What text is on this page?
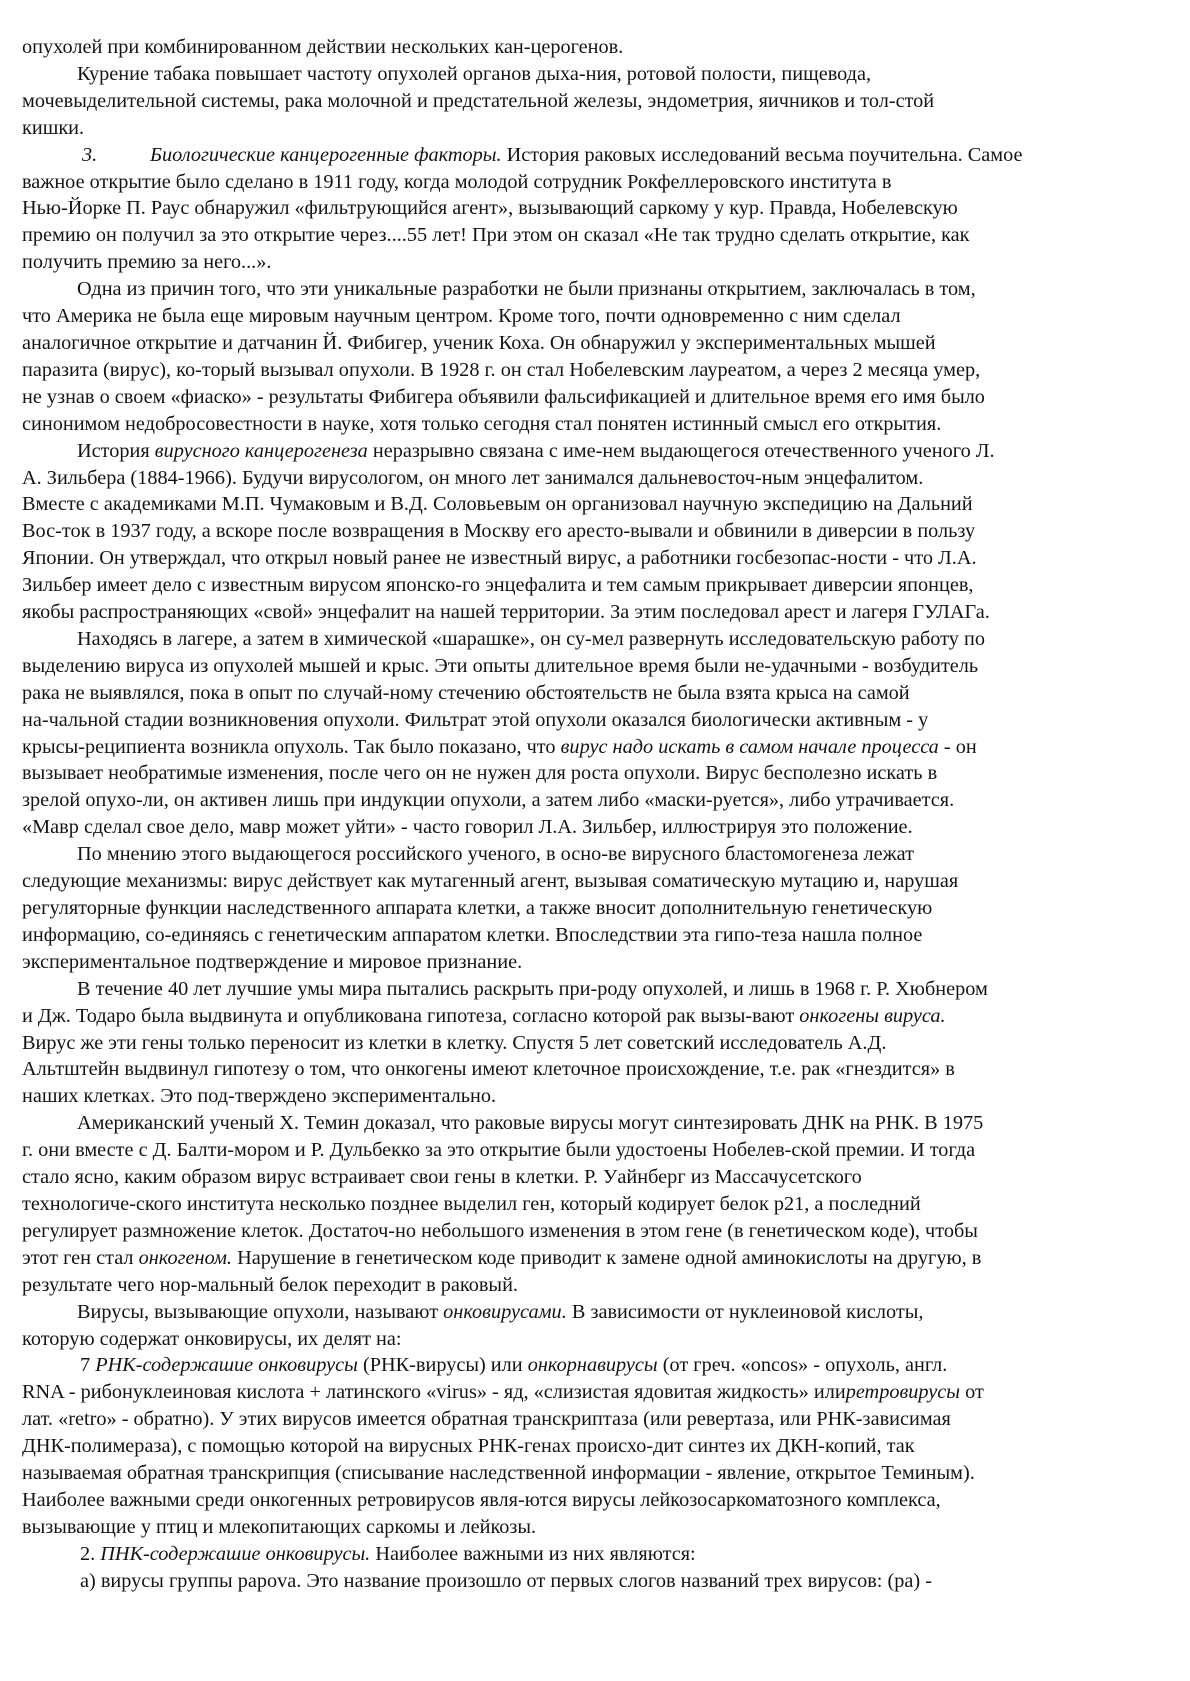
опухолей при комбинированном действии нескольких кан-церогенов.

Курение табака повышает частоту опухолей органов дыха-ния, ротовой полости, пищевода,

мочевыделительной системы, рака молочной и предстательной железы, эндометрия, яичников и тол-стой

кишки.

3.	Биологические канцерогенные факторы. История раковых исследований весьма поучительна. Самое

важное открытие было сделано в 1911 году, когда молодой сотрудник Рокфеллеровского института в

Нью-Йорке П. Раус обнаружил «фильтрующийся агент», вызывающий саркому у кур. Правда, Нобелевскую

премию он получил за это открытие через....55 лет! При этом он сказал «Не так трудно сделать открытие, как

получить премию за него...».

Одна из причин того, что эти уникальные разработки не были признаны открытием, заключалась в том,

что Америка не была еще мировым научным центром. Кроме того, почти одновременно с ним сделал

аналогичное открытие и датчанин Й. Фибигер, ученик Коха. Он обнаружил у экспериментальных мышей

паразита (вирус), ко-торый вызывал опухоли. В 1928 г. он стал Нобелевским лауреатом, а через 2 месяца умер,

не узнав о своем «фиаско» - результаты Фибигера объявили фальсификацией и длительное время его имя было

синонимом недобросовестности в науке, хотя только сегодня стал понятен истинный смысл его открытия.

История вирусного канцерогенеза неразрывно связана с име-нем выдающегося отечественного ученого Л.

А. Зильбера (1884-1966). Будучи вирусологом, он много лет занимался дальневосточ-ным энцефалитом.

Вместе с академиками М.П. Чумаковым и В.Д. Соловьевым он организовал научную экспедицию на Дальний

Вос-ток в 1937 году, а вскоре после возвращения в Москву его аресто-вывали и обвинили в диверсии в пользу

Японии. Он утверждал, что открыл новый ранее не известный вирус, а работники госбезопас-ности - что Л.А.

Зильбер имеет дело с известным вирусом японско-го энцефалита и тем самым прикрывает диверсии японцев,

якобы распространяющих «свой» энцефалит на нашей территории. За этим последовал арест и лагеря ГУЛАГа.

Находясь в лагере, а затем в химической «шарашке», он су-мел развернуть исследовательскую работу по

выделению вируса из опухолей мышей и крыс. Эти опыты длительное время были не-удачными - возбудитель

рака не выявлялся, пока в опыт по случай-ному стечению обстоятельств не была взята крыса на самой

на-чальной стадии возникновения опухоли. Фильтрат этой опухоли оказался биологически активным - у

крысы-реципиента возникла опухоль. Так было показано, что вирус надо искать в самом начале процесса - он

вызывает необратимые изменения, после чего он не нужен для роста опухоли. Вирус бесполезно искать в

зрелой опухо-ли, он активен лишь при индукции опухоли, а затем либо «маски-руется», либо утрачивается.

«Мавр сделал свое дело, мавр может уйти» - часто говорил Л.А. Зильбер, иллюстрируя это положение.

По мнению этого выдающегося российского ученого, в осно-ве вирусного бластомогенеза лежат

следующие механизмы: вирус действует как мутагенный агент, вызывая соматическую мутацию и, нарушая

регуляторные функции наследственного аппарата клетки, а также вносит дополнительную генетическую

информацию, со-единяясь с генетическим аппаратом клетки. Впоследствии эта гипо-теза нашла полное

экспериментальное подтверждение и мировое признание.

В течение 40 лет лучшие умы мира пытались раскрыть при-роду опухолей, и лишь в 1968 г. Р. Хюбнером

и Дж. Тодаро была выдвинута и опубликована гипотеза, согласно которой рак вызы-вают онкогены вируса.

Вирус же эти гены только переносит из клетки в клетку. Спустя 5 лет советский исследователь А.Д.

Альтштейн выдвинул гипотезу о том, что онкогены имеют клеточное происхождение, т.е. рак «гнездится» в

наших клетках. Это под-тверждено экспериментально.

Американский ученый X. Темин доказал, что раковые вирусы могут синтезировать ДНК на РНК. В 1975

г. они вместе с Д. Балти-мором и Р. Дульбекко за это открытие были удостоены Нобелев-ской премии. И тогда

стало ясно, каким образом вирус встраивает свои гены в клетки. Р. Уайнберг из Массачусетского

технологиче-ского института несколько позднее выделил ген, который кодирует белок p21, а последний

регулирует размножение клеток. Достаточ-но небольшого изменения в этом гене (в генетическом коде), чтобы

этот ген стал онкогеном. Нарушение в генетическом коде приводит к замене одной аминокислоты на другую, в

результате чего нор-мальный белок переходит в раковый.

Вирусы, вызывающие опухоли, называют онковирусами. В зависимости от нуклеиновой кислоты,

которую содержат онковирусы, их делят на:

7 РНК-содержашие онковирусы (РНК-вирусы) или онкорнавирусы (от греч. «oncos» - опухоль, англ.

RNA - рибонуклеиновая кислота + латинского «virus» - яд, «слизистая ядовитая жидкость» илиретровирусы от

лат. «retro» - обратно). У этих вирусов имеется обратная транскриптаза (или ревертаза, или РНК-зависимая

ДНК-полимераза), с помощью которой на вирусных РНК-генах происхо-дит синтез их ДКН-копий, так

называемая обратная транскрипция (списывание наследственной информации - явление, открытое Теминым).

Наиболее важными среди онкогенных ретровирусов явля-ются вирусы лейкозосаркоматозного комплекса,

вызывающие у птиц и млекопитающих саркомы и лейкозы.

2. ПНК-содержашие онковирусы. Наиболее важными из них являются:

а) вирусы группы papova. Это название произошло от первых слогов названий трех вирусов: (pa) -
